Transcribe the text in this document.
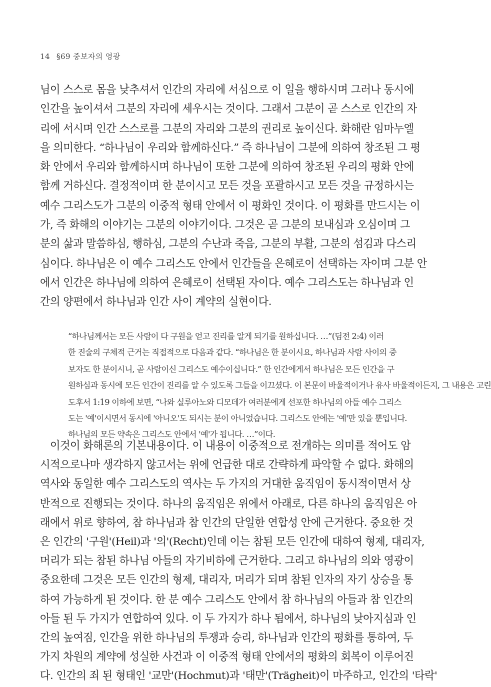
14 §69 중보자의 영광
님이 스스로 몸을 낮추셔서 인간의 자리에 서심으로 이 일을 행하시며 그러나 동시에
인간을 높이셔서 그분의 자리에 세우시는 것이다. 그래서 그분이 곧 스스로 인간의 자
리에 서시며 인간 스스로를 그분의 자리와 그분의 권리로 높이신다. 화해란 임마누엘
을 의미한다. “하나님이 우리와 함께하신다.” 즉 하나님이 그분에 의하여 창조된 그 평
화 안에서 우리와 함께하시며 하나님이 또한 그분에 의하여 창조된 우리의 평화 안에
함께 거하신다. 결정적이며 한 분이시고 모든 것을 포괄하시고 모든 것을 규정하시는
예수 그리스도가 그분의 이중적 형태 안에서 이 평화인 것이다. 이 평화를 만드시는 이
가, 즉 화해의 이야기는 그분의 이야기이다. 그것은 곧 그분의 보내심과 오심이며 그
분의 삶과 말씀하심, 행하심, 그분의 수난과 죽음, 그분의 부활, 그분의 섬김과 다스리
심이다. 하나님은 이 예수 그리스도 안에서 인간들을 은혜로이 선택하는 자이며 그분 안
에서 인간은 하나님에 의하여 은혜로이 선택된 자이다. 예수 그리스도는 하나님과 인
간의 양편에서 하나님과 인간 사이 계약의 실현이다.
“하나님께서는 모든 사람이 다 구원을 얻고 진리를 알게 되기를 원하십니다. …”(딤전 2:4) 이러
한 진술의 구체적 근거는 직접적으로 다음과 같다. “하나님은 한 분이시요, 하나님과 사람 사이의 중
보자도 한 분이시니, 곧 사람이신 그리스도 예수이십니다.” 한 인간에게서 하나님은 모든 인간을 구
원하심과 동시에 모든 인간이 진리를 알 수 있도록 그들을 이끄셨다. 이 본문이 바울적이거나 유사 바울적이든지, 그 내용은 고린
도후서 1:19 이하에 보면, “나와 실루아노와 디모데가 여러분에게 선포한 하나님의 아들 예수 그리스
도는 '예'이시면서 동시에 '아니오'도 되시는 분이 아니었습니다. 그리스도 안에는 '예'만 있을 뿐입니다.
하나님의 모든 약속은 그리스도 안에서 '예'가 됩니다. …”이다.
이것이 화해론의 기본내용이다. 이 내용이 이중적으로 전개하는 의미를 적어도 암
시적으로나마 생각하지 않고서는 위에 언급한 대로 간략하게 파악할 수 없다. 화해의
역사와 동일한 예수 그리스도의 역사는 두 가지의 거대한 움직임이 동시적이면서 상
반적으로 진행되는 것이다. 하나의 움직임은 위에서 아래로, 다른 하나의 움직임은 아
래에서 위로 향하여, 참 하나님과 참 인간의 단일한 연합성 안에 근거한다. 중요한 것
은 인간의 '구원'(Heil)과 '의'(Recht)인데 이는 참된 모든 인간에 대하여 형제, 대리자,
머리가 되는 참된 하나님 아들의 자기비하에 근거한다. 그리고 하나님의 의와 영광이
중요한데 그것은 모든 인간의 형제, 대리자, 머리가 되며 참된 인자의 자기 상승을 통
하여 가능하게 된 것이다. 한 분 예수 그리스도 안에서 참 하나님의 아들과 참 인간의
아들 된 두 가지가 연합하여 있다. 이 두 가지가 하나 됨에서, 하나님의 낮아지심과 인
간의 높여짐, 인간을 위한 하나님의 투쟁과 승리, 하나님과 인간의 평화를 통하여, 두
가지 차원의 계약에 성실한 사건과 이 이중적 형태 안에서의 평화의 회복이 이루어진
다. 인간의 죄 된 형태인 '교만'(Hochmut)과 '태만'(Trägheit)이 마주하고, 인간의 '타락'
